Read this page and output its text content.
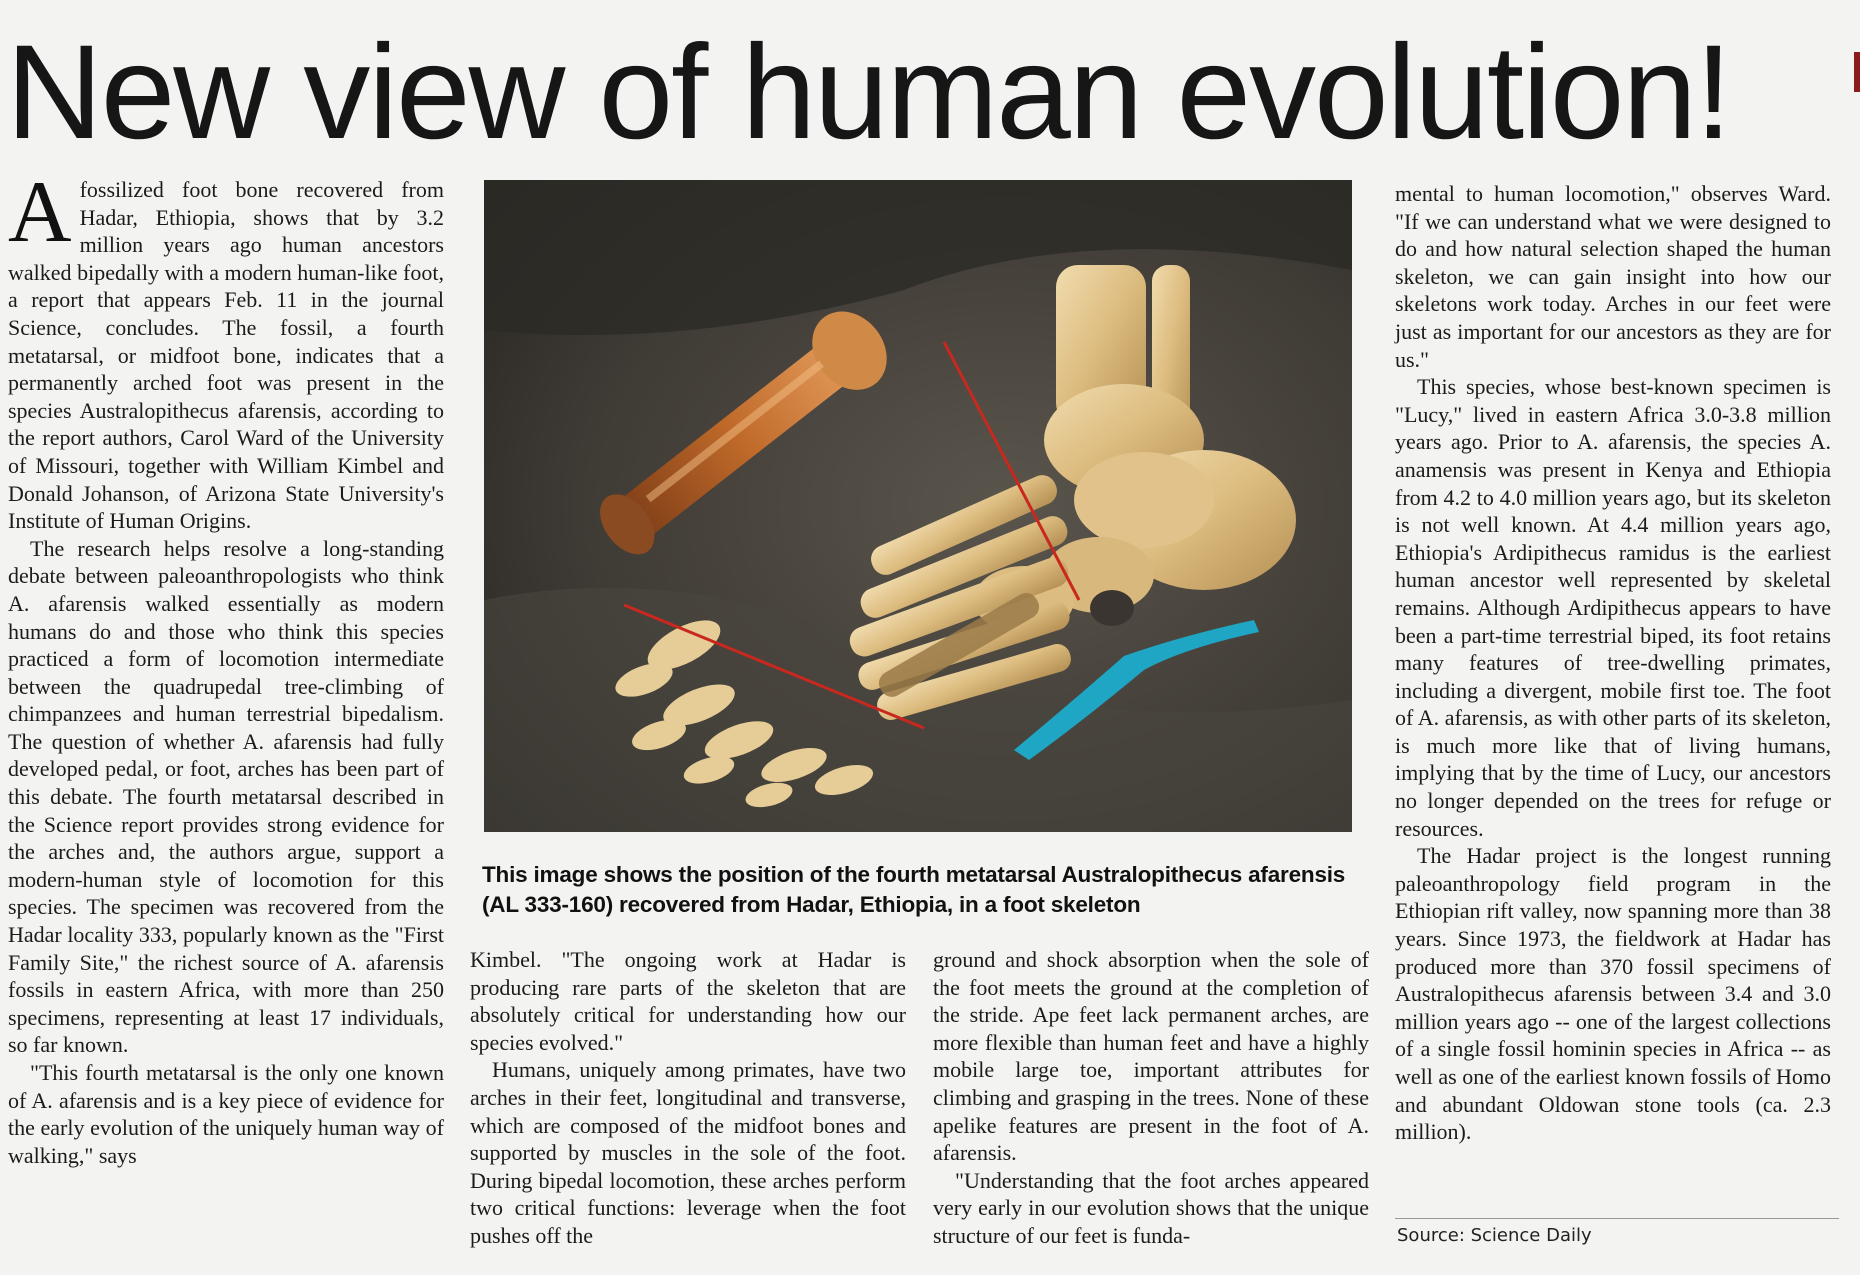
New view of human evolution!

Afossilized foot bone recovered from Hadar, Ethiopia, shows that by 3.2 million years ago human ancestors walked bipedally with a modern human-like foot, a report that appears Feb. 11 in the journal Science, concludes. The fossil, a fourth metatarsal, or midfoot bone, indicates that a permanently arched foot was present in the species Australopithecus afarensis, according to the report authors, Carol Ward of the University of Missouri, together with William Kimbel and Donald Johanson, of Arizona State University's Institute of Human Origins.

The research helps resolve a long-standing debate between paleoanthropologists who think A. afarensis walked essentially as modern humans do and those who think this species practiced a form of locomotion intermediate between the quadrupedal tree-climbing of chimpanzees and human terrestrial bipedalism. The question of whether A. afarensis had fully developed pedal, or foot, arches has been part of this debate. The fourth metatarsal described in the Science report provides strong evidence for the arches and, the authors argue, support a modern-human style of locomotion for this species. The specimen was recovered from the Hadar locality 333, popularly known as the "First Family Site," the richest source of A. afarensis fossils in eastern Africa, with more than 250 specimens, representing at least 17 individuals, so far known.

"This fourth metatarsal is the only one known of A. afarensis and is a key piece of evidence for the early evolution of the uniquely human way of walking," says

This image shows the position of the fourth metatarsal Australopithecus afarensis (AL 333-160) recovered from Hadar, Ethiopia, in a foot skeleton

Kimbel. "The ongoing work at Hadar is producing rare parts of the skeleton that are absolutely critical for understanding how our species evolved."

Humans, uniquely among primates, have two arches in their feet, longitudinal and transverse, which are composed of the midfoot bones and supported by muscles in the sole of the foot. During bipedal locomotion, these arches perform two critical functions: leverage when the foot pushes off the

ground and shock absorption when the sole of the foot meets the ground at the completion of the stride. Ape feet lack permanent arches, are more flexible than human feet and have a highly mobile large toe, important attributes for climbing and grasping in the trees. None of these apelike features are present in the foot of A. afarensis.

"Understanding that the foot arches appeared very early in our evolution shows that the unique structure of our feet is funda-

mental to human locomotion," observes Ward. "If we can understand what we were designed to do and how natural selection shaped the human skeleton, we can gain insight into how our skeletons work today. Arches in our feet were just as important for our ancestors as they are for us."

This species, whose best-known specimen is "Lucy," lived in eastern Africa 3.0-3.8 million years ago. Prior to A. afarensis, the species A. anamensis was present in Kenya and Ethiopia from 4.2 to 4.0 million years ago, but its skeleton is not well known. At 4.4 million years ago, Ethiopia's Ardipithecus ramidus is the earliest human ancestor well represented by skeletal remains. Although Ardipithecus appears to have been a part-time terrestrial biped, its foot retains many features of tree-dwelling primates, including a divergent, mobile first toe. The foot of A. afarensis, as with other parts of its skeleton, is much more like that of living humans, implying that by the time of Lucy, our ancestors no longer depended on the trees for refuge or resources.

The Hadar project is the longest running paleoanthropology field program in the Ethiopian rift valley, now spanning more than 38 years. Since 1973, the fieldwork at Hadar has produced more than 370 fossil specimens of Australopithecus afarensis between 3.4 and 3.0 million years ago -- one of the largest collections of a single fossil hominin species in Africa -- as well as one of the earliest known fossils of Homo and abundant Oldowan stone tools (ca. 2.3 million).

Source: Science Daily
